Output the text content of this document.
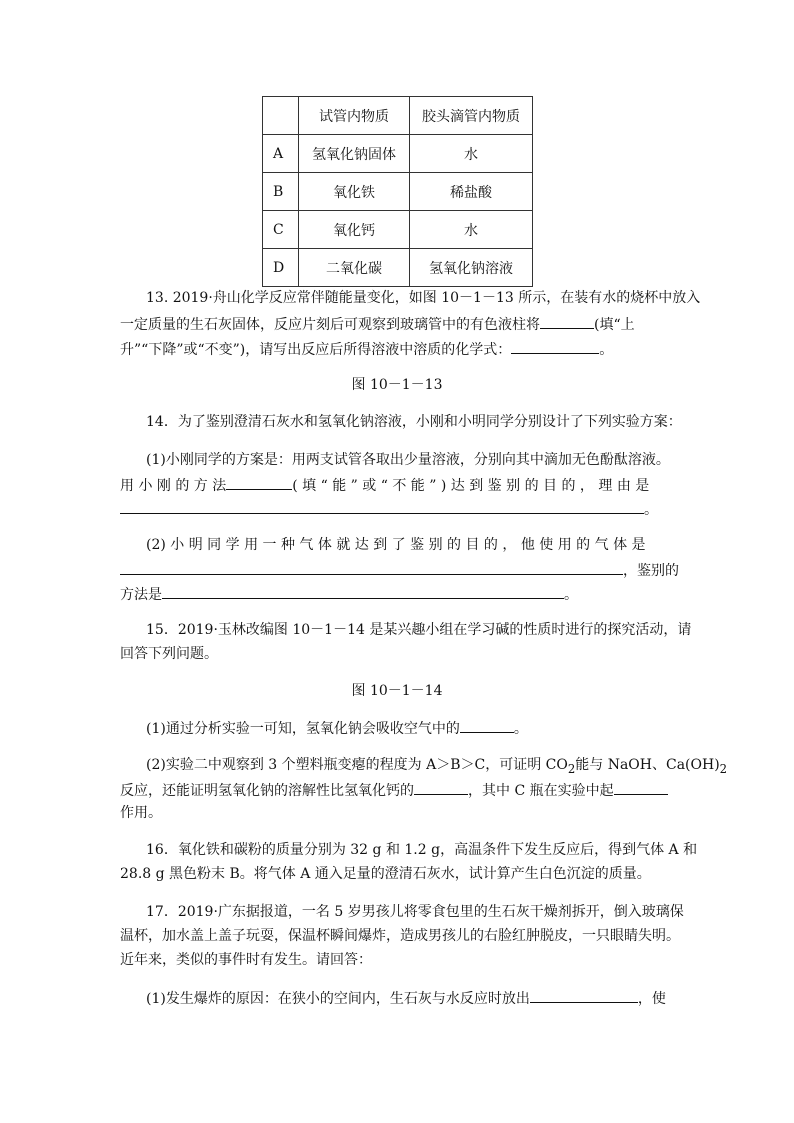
	试管内物质	胶头滴管内物质
A	氢氧化钠固体	水
B	氧化铁	稀盐酸
C	氧化钙	水
D	二氧化碳	氢氧化钠溶液
13. 2019·舟山化学反应常伴随能量变化，如图 10－1－13 所示，在装有水的烧杯中放入
一定质量的生石灰固体，反应片刻后可观察到玻璃管中的有色液柱将	(填“上
升”“下降”或“不变”)，请写出反应后所得溶液中溶质的化学式：	。
图 10－1－13
14．为了鉴别澄清石灰水和氢氧化钠溶液，小刚和小明同学分别设计了下列实验方案：
(1)小刚同学的方案是：用两支试管各取出少量溶液，分别向其中滴加无色酚酞溶液。
用 小 刚 的 方 法	( 填 “ 能 ” 或 “ 不 能 ” ) 达 到 鉴 别 的 目 的 ， 理 由 是
。
(2) 小 明 同 学 用 一 种 气 体 就 达 到 了 鉴 别 的 目 的 ， 他 使 用 的 气 体 是
，鉴别的
方法是	。
15．2019·玉林改编图 10－1－14 是某兴趣小组在学习碱的性质时进行的探究活动，请
回答下列问题。
图 10－1－14
(1)通过分析实验一可知，氢氧化钠会吸收空气中的	。
(2)实验二中观察到 3 个塑料瓶变瘪的程度为 A＞B＞C，可证明 $CO_2$能与 NaOH、$Ca(OH)_2$
反应，还能证明氢氧化钠的溶解性比氢氧化钙的	，其中 C 瓶在实验中起
作用。
16．氧化铁和碳粉的质量分别为 32 g 和 1.2 g，高温条件下发生反应后，得到气体 A 和
28.8 g 黑色粉末 B。将气体 A 通入足量的澄清石灰水，试计算产生白色沉淀的质量。
17．2019·广东据报道，一名 5 岁男孩儿将零食包里的生石灰干燥剂拆开，倒入玻璃保
温杯，加水盖上盖子玩耍，保温杯瞬间爆炸，造成男孩儿的右脸红肿脱皮，一只眼睛失明。
近年来，类似的事件时有发生。请回答：
(1)发生爆炸的原因：在狭小的空间内，生石灰与水反应时放出	，使
